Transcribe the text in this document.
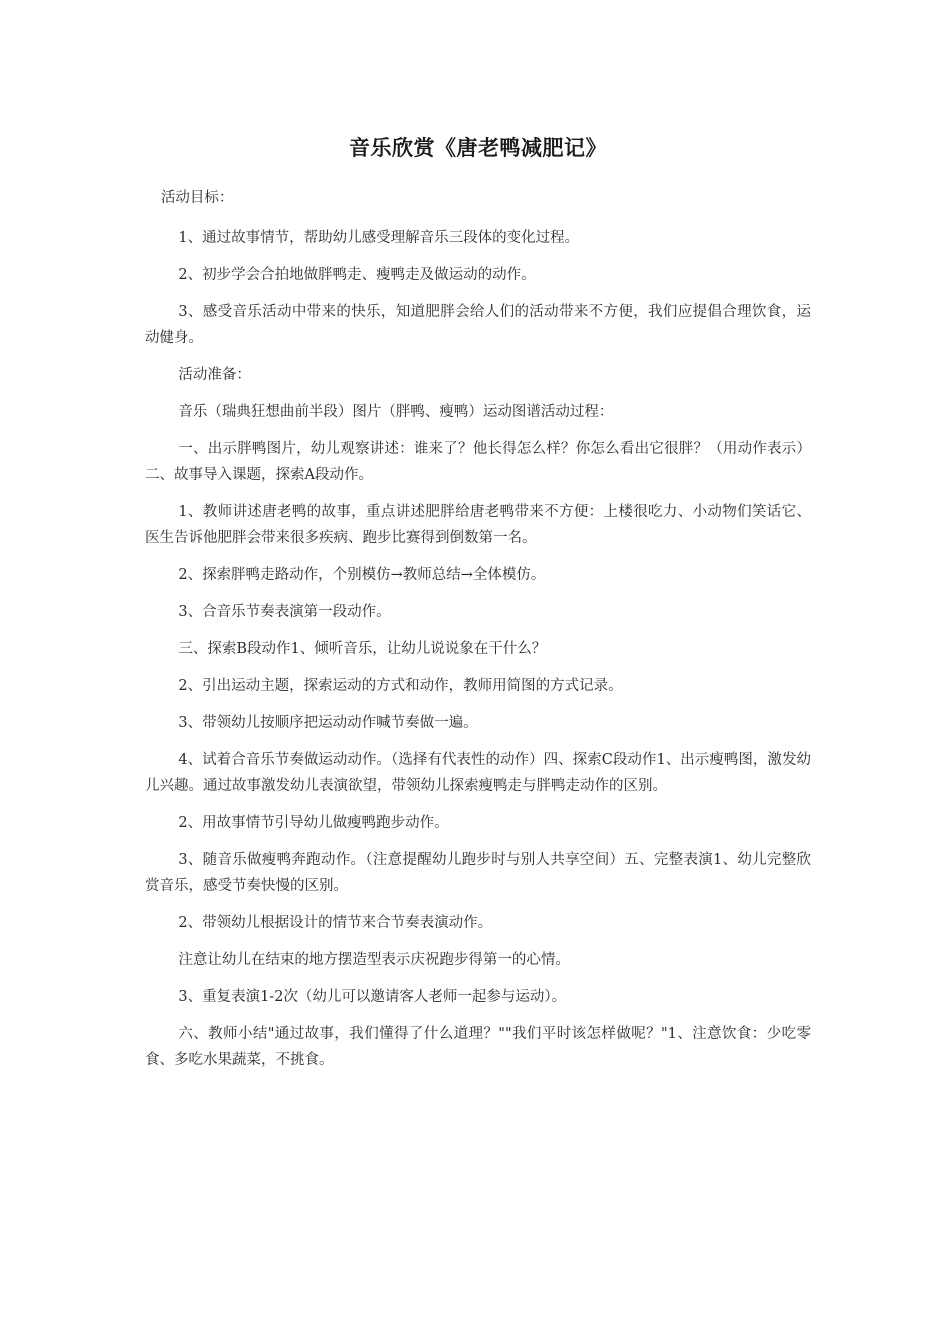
音乐欣赏《唐老鸭减肥记》

活动目标：

1、通过故事情节，帮助幼儿感受理解音乐三段体的变化过程。

2、初步学会合拍地做胖鸭走、瘦鸭走及做运动的动作。

3、感受音乐活动中带来的快乐，知道肥胖会给人们的活动带来不方便，我们应提倡合理饮食，运动健身。

活动准备：

音乐（瑞典狂想曲前半段）图片（胖鸭、瘦鸭）运动图谱活动过程：

一、出示胖鸭图片，幼儿观察讲述：谁来了？他长得怎么样？你怎么看出它很胖？（用动作表示）二、故事导入课题，探索A段动作。

1、教师讲述唐老鸭的故事，重点讲述肥胖给唐老鸭带来不方便：上楼很吃力、小动物们笑话它、医生告诉他肥胖会带来很多疾病、跑步比赛得到倒数第一名。

2、探索胖鸭走路动作，个别模仿→教师总结→全体模仿。

3、合音乐节奏表演第一段动作。

三、探索B段动作1、倾听音乐，让幼儿说说象在干什么？

2、引出运动主题，探索运动的方式和动作，教师用简图的方式记录。

3、带领幼儿按顺序把运动动作喊节奏做一遍。

4、试着合音乐节奏做运动动作。（选择有代表性的动作）四、探索C段动作1、出示瘦鸭图，激发幼儿兴趣。通过故事激发幼儿表演欲望，带领幼儿探索瘦鸭走与胖鸭走动作的区别。

2、用故事情节引导幼儿做瘦鸭跑步动作。

3、随音乐做瘦鸭奔跑动作。（注意提醒幼儿跑步时与别人共享空间）五、完整表演1、幼儿完整欣赏音乐，感受节奏快慢的区别。

2、带领幼儿根据设计的情节来合节奏表演动作。

注意让幼儿在结束的地方摆造型表示庆祝跑步得第一的心情。

3、重复表演1-2次（幼儿可以邀请客人老师一起参与运动）。

六、教师小结"通过故事，我们懂得了什么道理？""我们平时该怎样做呢？"1、注意饮食：少吃零食、多吃水果蔬菜，不挑食。
